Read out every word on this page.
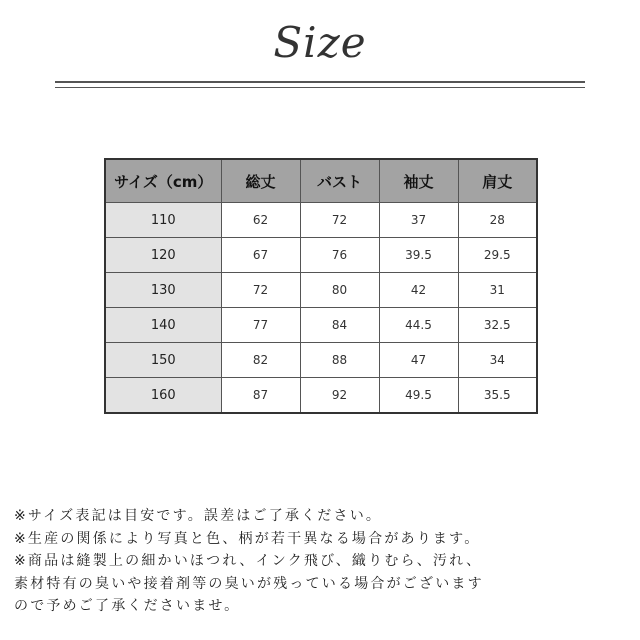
Size
サイズ（cm）	総丈	バスト	袖丈	肩丈
110	62	72	37	28
120	67	76	39.5	29.5
130	72	80	42	31
140	77	84	44.5	32.5
150	82	88	47	34
160	87	92	49.5	35.5
※サイズ表記は目安です。誤差はご了承ください。
※生産の関係により写真と色、柄が若干異なる場合があります。
※商品は縫製上の細かいほつれ、インク飛び、織りむら、汚れ、
素材特有の臭いや接着剤等の臭いが残っている場合がございます
ので予めご了承くださいませ。
